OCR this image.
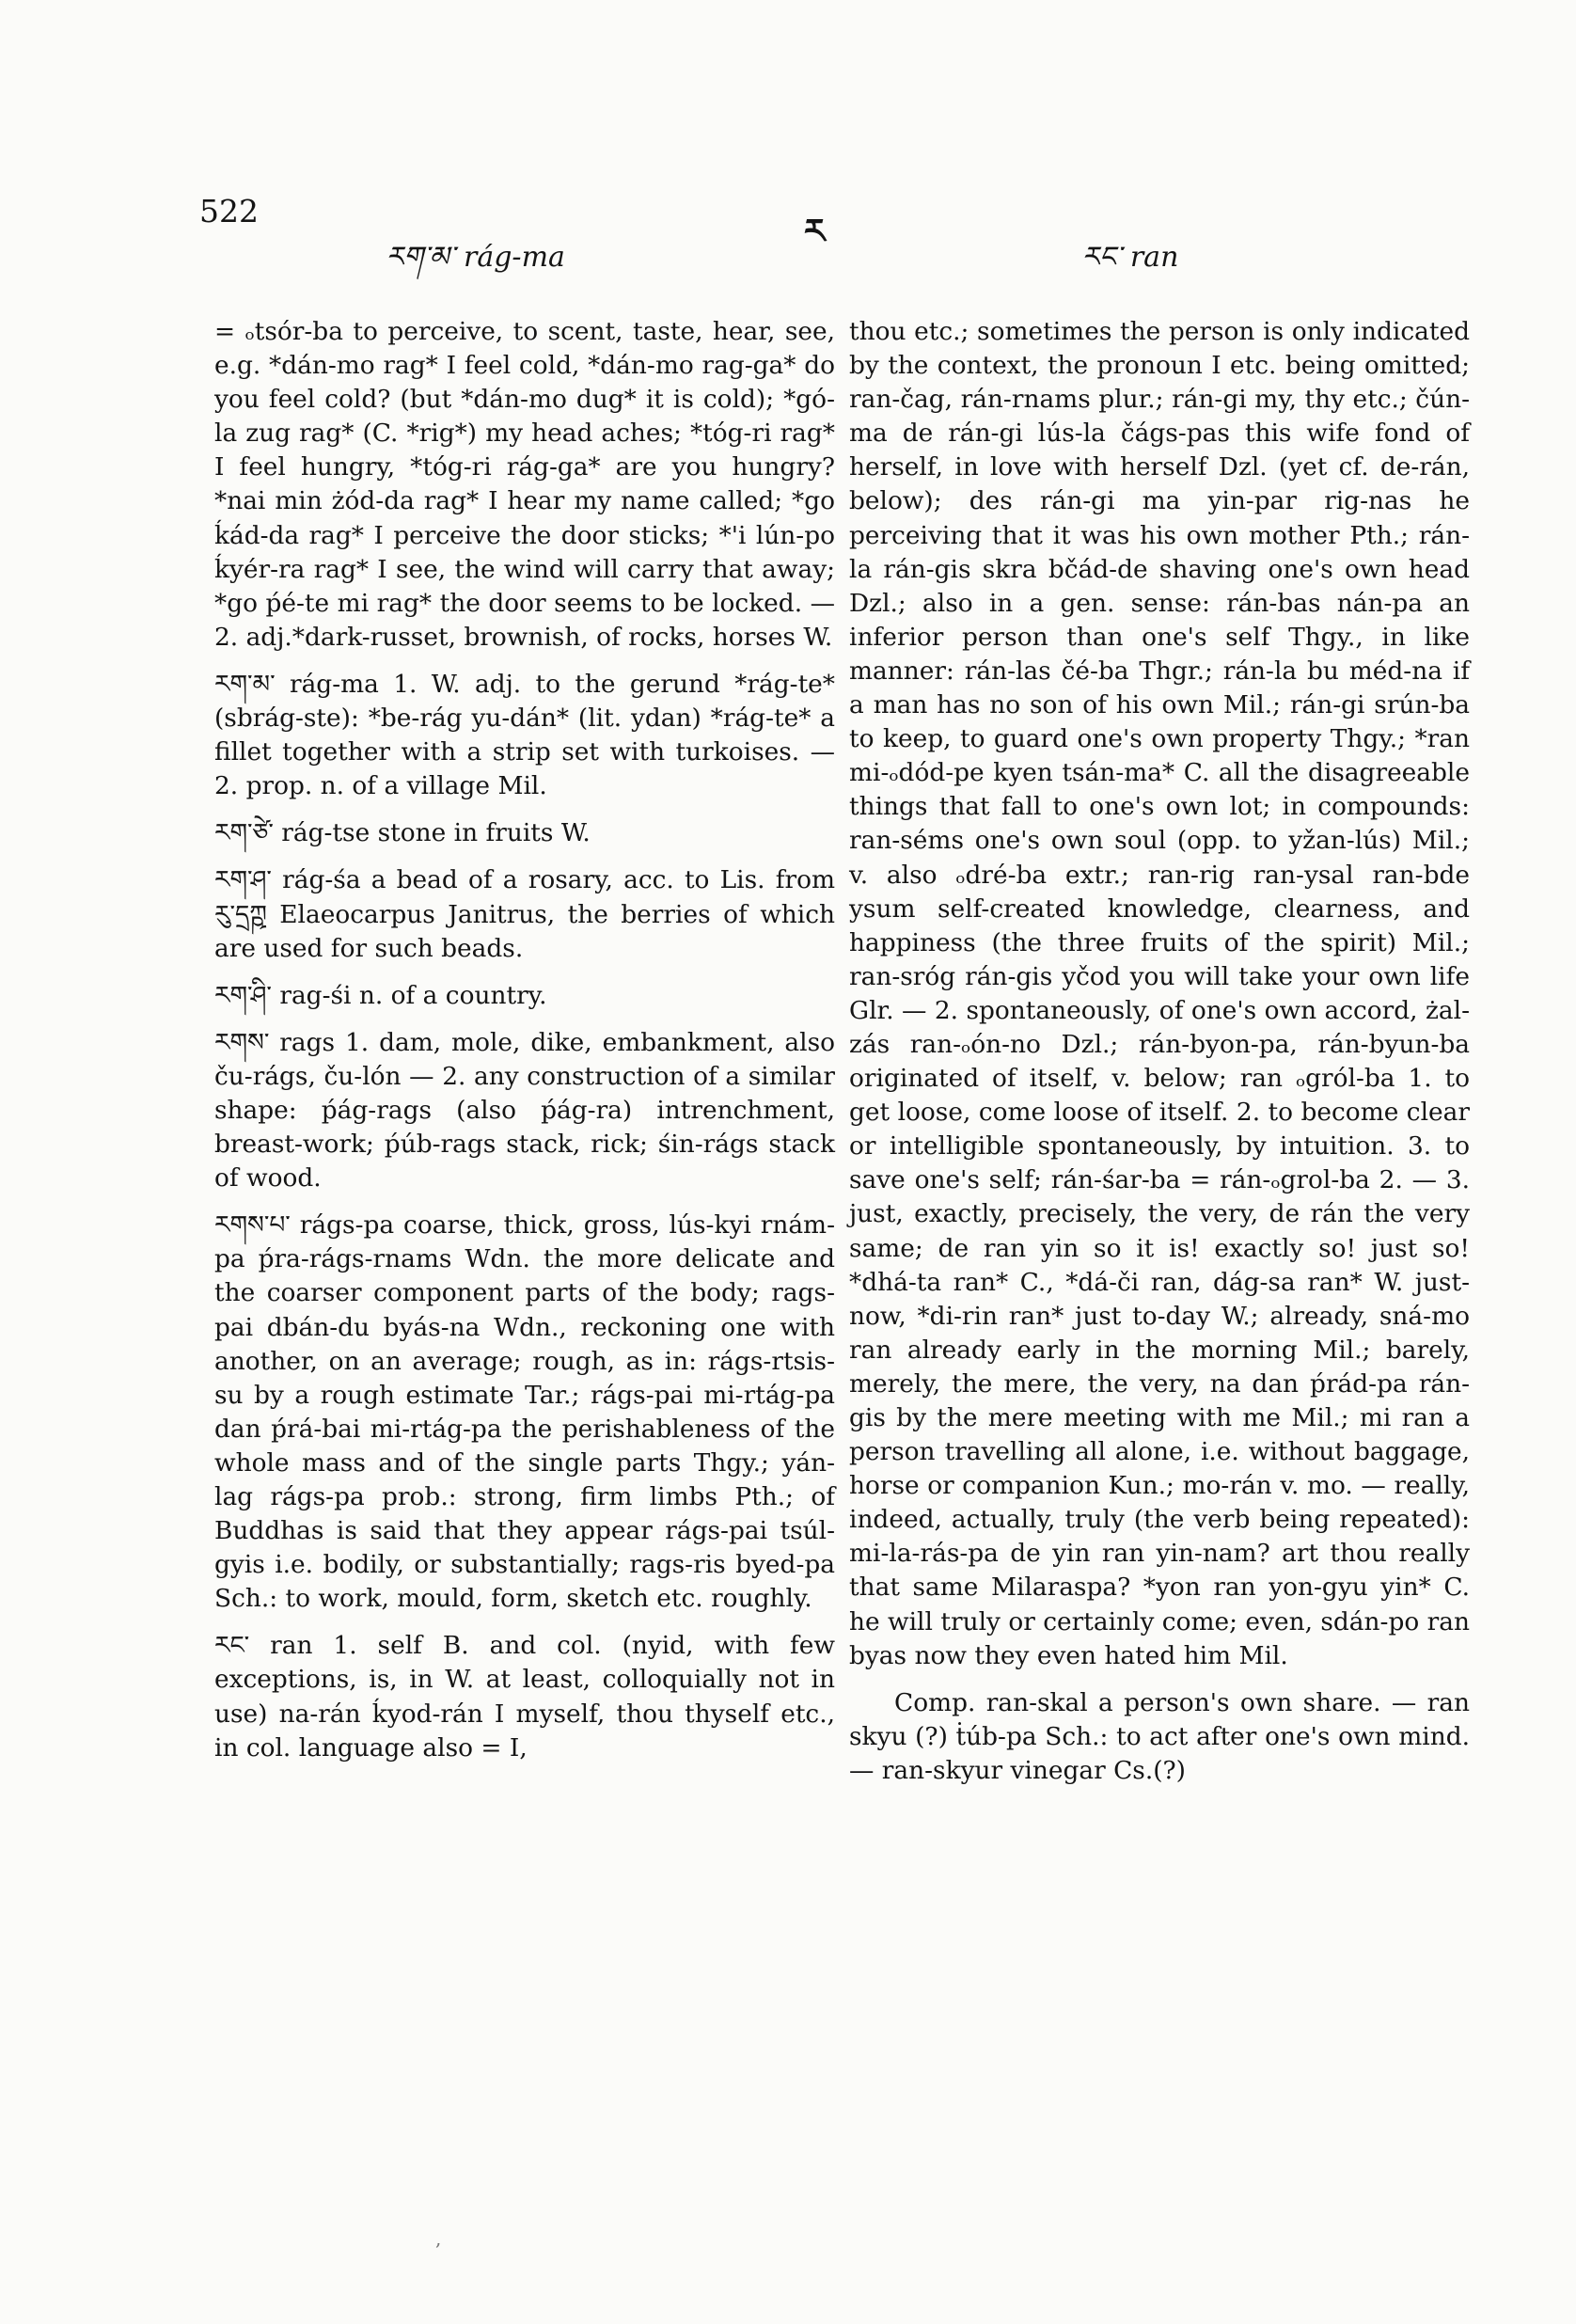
522
ར
རག་མ་ rág-ma	རང་ ran

= ₒtsór-ba to perceive, to scent, taste, hear, see, e.g. *dán-mo rag* I feel cold, *dán-mo rag-ga* do you feel cold? (but *dán-mo dug* it is cold); *gó-la zug rag* (C. *rig*) my head aches; *tóg-ri rag* I feel hungry, *tóg-ri rág-ga* are you hungry? *nai min żód-da rag* I hear my name called; *go ḱád-da rag* I perceive the door sticks; *'i lún-po ḱyér-ra rag* I see, the wind will carry that away; *go ṕé-te mi rag* the door seems to be locked. — 2. adj.*dark-russet, brownish, of rocks, horses W.

རག་མ་ rág-ma 1. W. adj. to the gerund *rág-te* (sbrág-ste): *be-rág yu-dán* (lit. ydan) *rág-te* a fillet together with a strip set with turkoises. — 2. prop. n. of a village Mil.

རག་ཙེ་ rág-tse stone in fruits W.

རག་ཤ་ rág-śa a bead of a rosary, acc. to Lis. from རུ་དྲཀྵ Elaeocarpus Janitrus, the berries of which are used for such beads.

རག་ཤི་ rag-śi n. of a country.

རགས་ rags 1. dam, mole, dike, embankment, also ču-rágs, ču-lón — 2. any construction of a similar shape: ṕág-rags (also ṕág-ra) intrenchment, breast-work; ṕúb-rags stack, rick; śin-rágs stack of wood.

རགས་པ་ rágs-pa coarse, thick, gross, lús-kyi rnám-pa ṕra-rágs-rnams Wdn. the more delicate and the coarser component parts of the body; rags-pai dbán-du byás-na Wdn., reckoning one with another, on an average; rough, as in: rágs-rtsis-su by a rough estimate Tar.; rágs-pai mi-rtág-pa dan ṕrá-bai mi-rtág-pa the perishableness of the whole mass and of the single parts Thgy.; yán-lag rágs-pa prob.: strong, firm limbs Pth.; of Buddhas is said that they appear rágs-pai tsúl-gyis i.e. bodily, or substantially; rags-ris byed-pa Sch.: to work, mould, form, sketch etc. roughly.

རང་ ran 1. self B. and col. (nyid, with few exceptions, is, in W. at least, colloquially not in use) na-rán ḱyod-rán I myself, thou thyself etc., in col. language also = I,

thou etc.; sometimes the person is only indicated by the context, the pronoun I etc. being omitted; ran-čag, rán-rnams plur.; rán-gi my, thy etc.; čún-ma de rán-gi lús-la čágs-pas this wife fond of herself, in love with herself Dzl. (yet cf. de-rán, below); des rán-gi ma yin-par rig-nas he perceiving that it was his own mother Pth.; rán-la rán-gis skra bčád-de shaving one's own head Dzl.; also in a gen. sense: rán-bas nán-pa an inferior person than one's self Thgy., in like manner: rán-las čé-ba Thgr.; rán-la bu méd-na if a man has no son of his own Mil.; rán-gi srún-ba to keep, to guard one's own property Thgy.; *ran mi-ₒdód-pe kyen tsán-ma* C. all the disagreeable things that fall to one's own lot; in compounds: ran-séms one's own soul (opp. to yžan-lús) Mil.; v. also ₒdré-ba extr.; ran-rig ran-ysal ran-bde ysum self-created knowledge, clearness, and happiness (the three fruits of the spirit) Mil.; ran-sróg rán-gis yčod you will take your own life Glr. — 2. spontaneously, of one's own accord, żal-zás ran-ₒón-no Dzl.; rán-byon-pa, rán-byun-ba originated of itself, v. below; ran ₒgról-ba 1. to get loose, come loose of itself. 2. to become clear or intelligible spontaneously, by intuition. 3. to save one's self; rán-śar-ba = rán-ₒgrol-ba 2. — 3. just, exactly, precisely, the very, de rán the very same; de ran yin so it is! exactly so! just so! *dhá-ta ran* C., *dá-či ran, dág-sa ran* W. just-now, *di-rin ran* just to-day W.; already, sná-mo ran already early in the morning Mil.; barely, merely, the mere, the very, na dan ṕrád-pa rán-gis by the mere meeting with me Mil.; mi ran a person travelling all alone, i.e. without baggage, horse or companion Kun.; mo-rán v. mo. — really, indeed, actually, truly (the verb being repeated): mi-la-rás-pa de yin ran yin-nam? art thou really that same Milaraspa? *yon ran yon-gyu yin* C. he will truly or certainly come; even, sdán-po ran byas now they even hated him Mil.

Comp. ran-skal a person's own share. — ran skyu (?) ṫúb-pa Sch.: to act after one's own mind. — ran-skyur vinegar Cs.(?)

,
